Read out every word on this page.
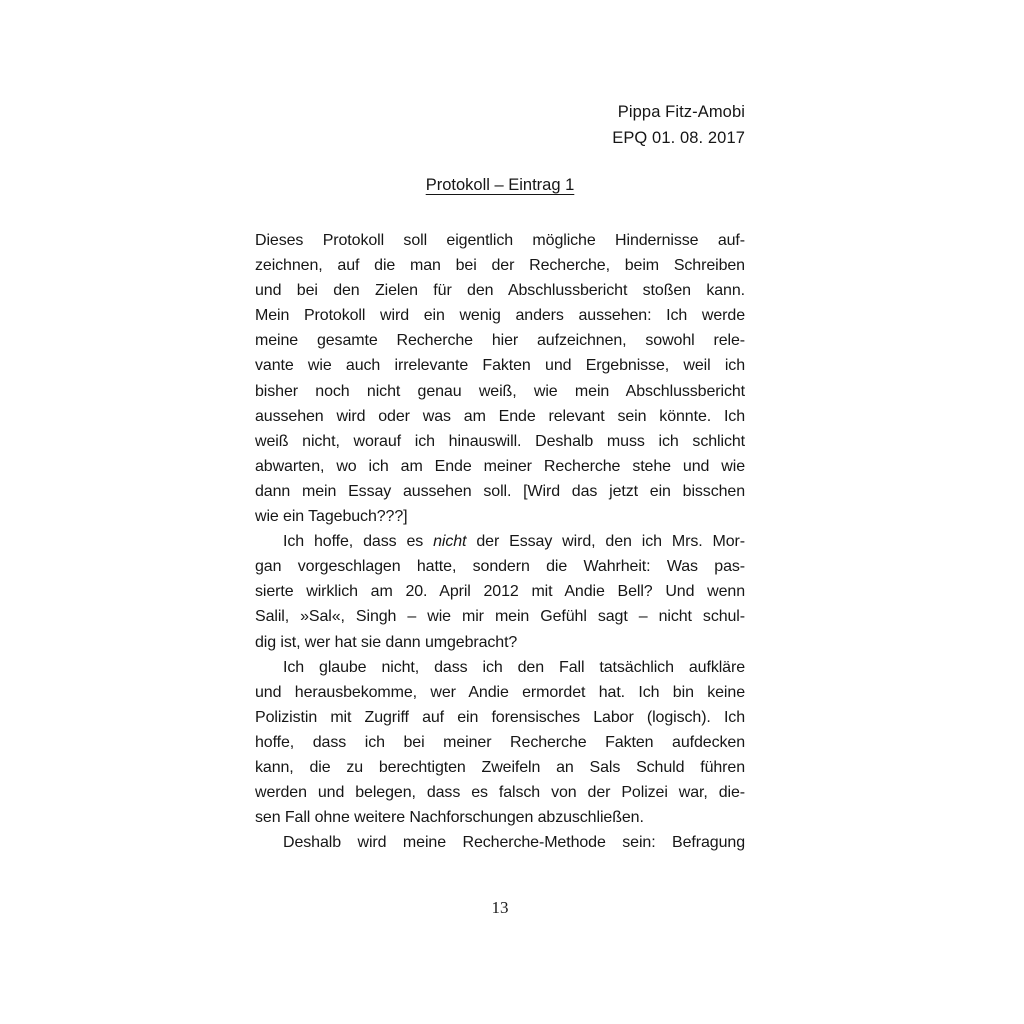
Pippa Fitz-Amobi
EPQ 01. 08. 2017
Protokoll – Eintrag 1
Dieses Protokoll soll eigentlich mögliche Hindernisse auf-
zeichnen, auf die man bei der Recherche, beim Schreiben
und bei den Zielen für den Abschlussbericht stoßen kann.
Mein Protokoll wird ein wenig anders aussehen: Ich werde
meine gesamte Recherche hier aufzeichnen, sowohl rele-
vante wie auch irrelevante Fakten und Ergebnisse, weil ich
bisher noch nicht genau weiß, wie mein Abschlussbericht
aussehen wird oder was am Ende relevant sein könnte. Ich
weiß nicht, worauf ich hinauswill. Deshalb muss ich schlicht
abwarten, wo ich am Ende meiner Recherche stehe und wie
dann mein Essay aussehen soll. [Wird das jetzt ein bisschen
wie ein Tagebuch???]
Ich hoffe, dass es nicht der Essay wird, den ich Mrs. Mor-
gan vorgeschlagen hatte, sondern die Wahrheit: Was pas-
sierte wirklich am 20. April 2012 mit Andie Bell? Und wenn
Salil, »Sal«, Singh – wie mir mein Gefühl sagt – nicht schul-
dig ist, wer hat sie dann umgebracht?
Ich glaube nicht, dass ich den Fall tatsächlich aufkläre
und herausbekomme, wer Andie ermordet hat. Ich bin keine
Polizistin mit Zugriff auf ein forensisches Labor (logisch). Ich
hoffe, dass ich bei meiner Recherche Fakten aufdecken
kann, die zu berechtigten Zweifeln an Sals Schuld führen
werden und belegen, dass es falsch von der Polizei war, die-
sen Fall ohne weitere Nachforschungen abzuschließen.
Deshalb wird meine Recherche-Methode sein: Befragung
13
